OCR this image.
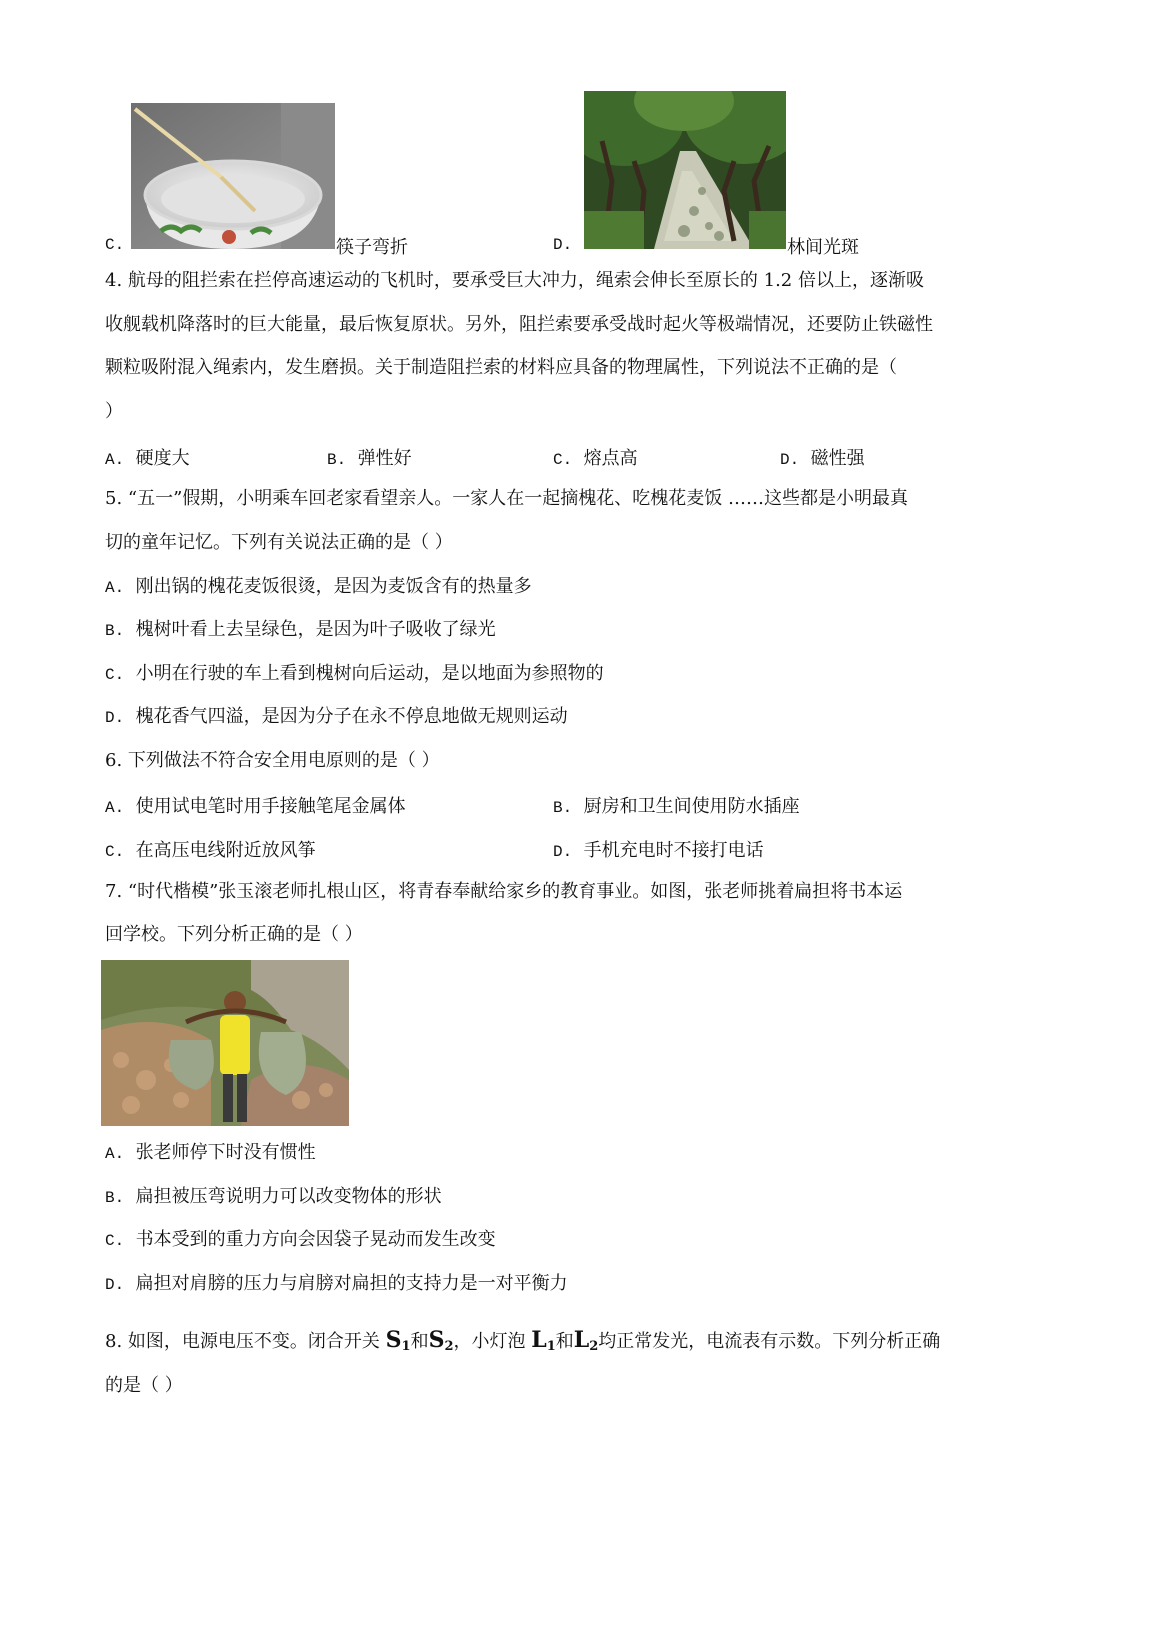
C.	筷子弯折	D.	林间光斑
4. 航母的阻拦索在拦停高速运动的飞机时，要承受巨大冲力，绳索会伸长至原长的 1.2 倍以上，逐渐吸
收舰载机降落时的巨大能量，最后恢复原状。另外，阻拦索要承受战时起火等极端情况，还要防止铁磁性
颗粒吸附混入绳索内，发生磨损。关于制造阻拦索的材料应具备的物理属性，下列说法不正确的是（
）
A. 硬度大	B. 弹性好	C. 熔点高	D. 磁性强
5. “五一”假期，小明乘车回老家看望亲人。一家人在一起摘槐花、吃槐花麦饭 ……这些都是小明最真
切的童年记忆。下列有关说法正确的是（ ）
A. 刚出锅的槐花麦饭很烫，是因为麦饭含有的热量多
B. 槐树叶看上去呈绿色，是因为叶子吸收了绿光
C. 小明在行驶的车上看到槐树向后运动，是以地面为参照物的
D. 槐花香气四溢，是因为分子在永不停息地做无规则运动
6. 下列做法不符合安全用电原则的是（ ）
A. 使用试电笔时用手接触笔尾金属体	B. 厨房和卫生间使用防水插座
C. 在高压电线附近放风筝	D. 手机充电时不接打电话
7. “时代楷模”张玉滚老师扎根山区，将青春奉献给家乡的教育事业。如图，张老师挑着扁担将书本运
回学校。下列分析正确的是（ ）
A. 张老师停下时没有惯性
B. 扁担被压弯说明力可以改变物体的形状
C. 书本受到的重力方向会因袋子晃动而发生改变
D. 扁担对肩膀的压力与肩膀对扁担的支持力是一对平衡力
8. 如图，电源电压不变。闭合开关 $S_1$和$S_2$，小灯泡 $L_1$和$L_2$均正常发光，电流表有示数。下列分析正确
的是（ ）
